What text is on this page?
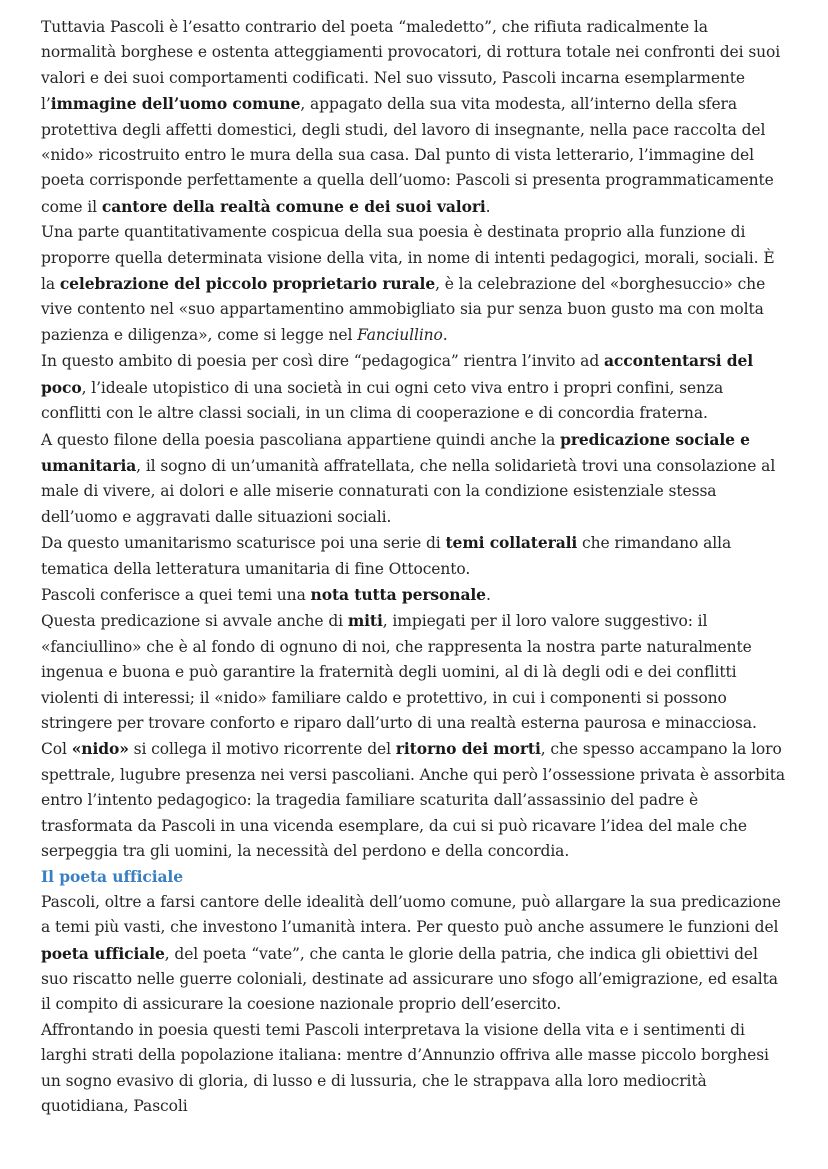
Tuttavia Pascoli è l’esatto contrario del poeta “maledetto”, che rifiuta radicalmente la normalità borghese e ostenta atteggiamenti provocatori, di rottura totale nei confronti dei suoi valori e dei suoi comportamenti codificati. Nel suo vissuto, Pascoli incarna esemplarmente l’immagine dell’uomo comune, appagato della sua vita modesta, all’interno della sfera protettiva degli affetti domestici, degli studi, del lavoro di insegnante, nella pace raccolta del «nido» ricostruito entro le mura della sua casa. Dal punto di vista letterario, l’immagine del poeta corrisponde perfettamente a quella dell’uomo: Pascoli si presenta programmaticamente come il cantore della realtà comune e dei suoi valori.

Una parte quantitativamente cospicua della sua poesia è destinata proprio alla funzione di proporre quella determinata visione della vita, in nome di intenti pedagogici, morali, sociali. È la celebrazione del piccolo proprietario rurale, è la celebrazione del «borghesuccio» che vive contento nel «suo appartamentino ammobigliato sia pur senza buon gusto ma con molta pazienza e diligenza», come si legge nel Fanciullino.

In questo ambito di poesia per così dire “pedagogica” rientra l’invito ad accontentarsi del poco, l’ideale utopistico di una società in cui ogni ceto viva entro i propri confini, senza conflitti con le altre classi sociali, in un clima di cooperazione e di concordia fraterna.

A questo filone della poesia pascoliana appartiene quindi anche la predicazione sociale e umanitaria, il sogno di un’umanità affratellata, che nella solidarietà trovi una consolazione al male di vivere, ai dolori e alle miserie connaturati con la condizione esistenziale stessa dell’uomo e aggravati dalle situazioni sociali.

Da questo umanitarismo scaturisce poi una serie di temi collaterali che rimandano alla tematica della letteratura umanitaria di fine Ottocento.

Pascoli conferisce a quei temi una nota tutta personale.

Questa predicazione si avvale anche di miti, impiegati per il loro valore suggestivo: il «fanciullino» che è al fondo di ognuno di noi, che rappresenta la nostra parte naturalmente ingenua e buona e può garantire la fraternità degli uomini, al di là degli odi e dei conflitti violenti di interessi; il «nido» familiare caldo e protettivo, in cui i componenti si possono stringere per trovare conforto e riparo dall’urto di una realtà esterna paurosa e minacciosa.

Col «nido» si collega il motivo ricorrente del ritorno dei morti, che spesso accampano la loro spettrale, lugubre presenza nei versi pascoliani. Anche qui però l’ossessione privata è assorbita entro l’intento pedagogico: la tragedia familiare scaturita dall’assassinio del padre è trasformata da Pascoli in una vicenda esemplare, da cui si può ricavare l’idea del male che serpeggia tra gli uomini, la necessità del perdono e della concordia.

Il poeta ufficiale

Pascoli, oltre a farsi cantore delle idealità dell’uomo comune, può allargare la sua predicazione a temi più vasti, che investono l’umanità intera. Per questo può anche assumere le funzioni del poeta ufficiale, del poeta “vate”, che canta le glorie della patria, che indica gli obiettivi del suo riscatto nelle guerre coloniali, destinate ad assicurare uno sfogo all’emigrazione, ed esalta il compito di assicurare la coesione nazionale proprio dell’esercito.

Affrontando in poesia questi temi Pascoli interpretava la visione della vita e i sentimenti di larghi strati della popolazione italiana: mentre d’Annunzio offriva alle masse piccolo borghesi un sogno evasivo di gloria, di lusso e di lussuria, che le strappava alla loro mediocrità quotidiana, Pascoli
